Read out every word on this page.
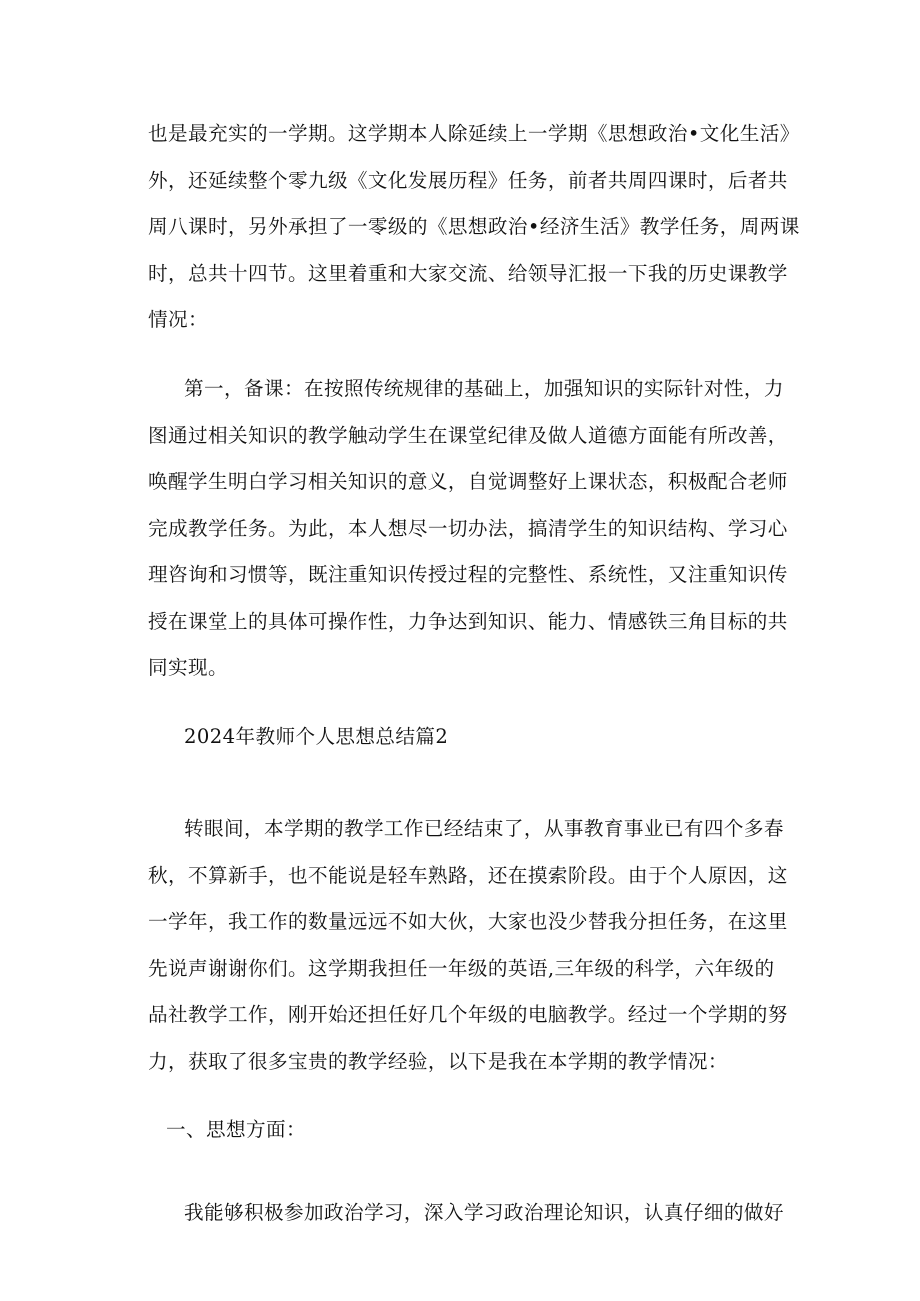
也是最充实的一学期。这学期本人除延续上一学期《思想政治•文化生活》
外，还延续整个零九级《文化发展历程》任务，前者共周四课时，后者共
周八课时，另外承担了一零级的《思想政治•经济生活》教学任务，周两课
时，总共十四节。这里着重和大家交流、给领导汇报一下我的历史课教学
情况：
第一，备课：在按照传统规律的基础上，加强知识的实际针对性，力
图通过相关知识的教学触动学生在课堂纪律及做人道德方面能有所改善，
唤醒学生明白学习相关知识的意义，自觉调整好上课状态，积极配合老师
完成教学任务。为此，本人想尽一切办法，搞清学生的知识结构、学习心
理咨询和习惯等，既注重知识传授过程的完整性、系统性，又注重知识传
授在课堂上的具体可操作性，力争达到知识、能力、情感铁三角目标的共
同实现。
2024年教师个人思想总结篇2
转眼间，本学期的教学工作已经结束了，从事教育事业已有四个多春
秋，不算新手，也不能说是轻车熟路，还在摸索阶段。由于个人原因，这
一学年，我工作的数量远远不如大伙，大家也没少替我分担任务，在这里
先说声谢谢你们。这学期我担任一年级的英语,三年级的科学，六年级的
品社教学工作，刚开始还担任好几个年级的电脑教学。经过一个学期的努
力，获取了很多宝贵的教学经验，以下是我在本学期的教学情况：
一、思想方面：
我能够积极参加政治学习，深入学习政治理论知识，认真仔细的做好
